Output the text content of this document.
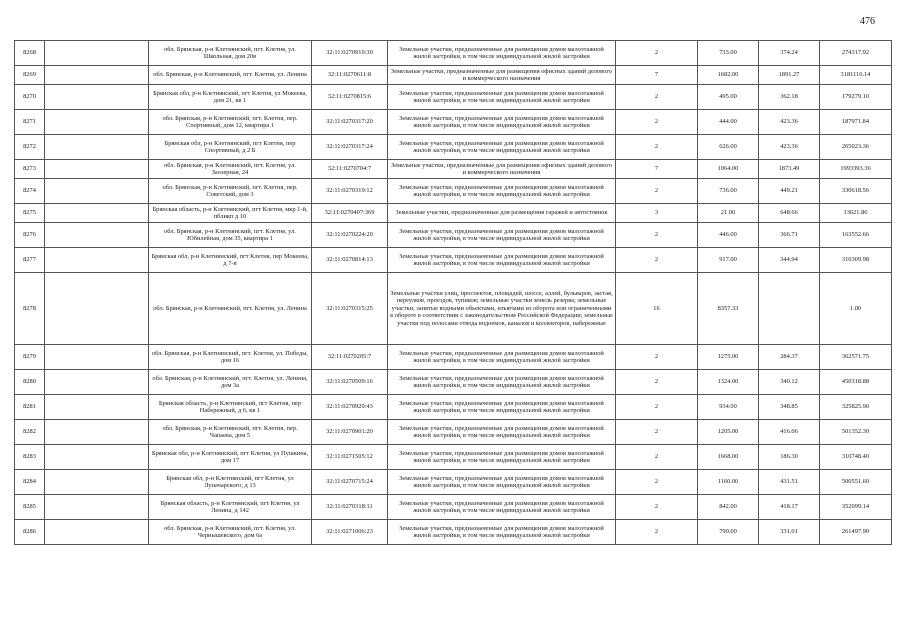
476
8268		обл. Брянская, р-н Клетнянский, пгт. Клетня, ул. Школьная, дом 20в	32:11:0270910:30	Земельные участки, предназначенные для размещения домов малоэтажной жилой застройки, в том числе индивидуальной жилой застройки	2	733.00	374.24	274317.92
8269		обл. Брянская, р-н Клетнянский, пгт. Клетня, ул. Ленина	32:11:0270611:8	Земельные участки, предназначенные для размещения офисных зданий делового и коммерческого назначения	7	1682.00	1891.27	3181116.14
8270		Брянская обл, р-н Клетнянский, пгт Клетня, ул Мокеева, дом 21, кв 1	32:11:0270815:6	Земельные участки, предназначенные для размещения домов малоэтажной жилой застройки, в том числе индивидуальной жилой застройки	2	495.00	362.18	179279.10
8271		обл. Брянская, р-н Клетнянский, пгт. Клетня, пер. Спортивный, дом 12, квартира 1	32:11:0270317:20	Земельные участки, предназначенные для размещения домов малоэтажной жилой застройки, в том числе индивидуальной жилой застройки	2	444.00	423.36	187971.84
8272		Брянская обл, р-н Клетнянский, пгт Клетня, пер Спортивный, д 2 Б	32:11:0270317:24	Земельные участки, предназначенные для размещения домов малоэтажной жилой застройки, в том числе индивидуальной жилой застройки	2	626.00	423.36	265023.36
8273		обл. Брянская, р-н Клетнянский, пгт. Клетня, ул. Заозерная, 24	32:11:0270704:7	Земельные участки, предназначенные для размещения офисных зданий делового и коммерческого назначения	7	1064.00	1873.49	1993393.36
8274		обл. Брянская, р-н Клетнянский, пгт. Клетня, пер. Советский, дом 3	32:11:0270319:12	Земельные участки, предназначенные для размещения домов малоэтажной жилой застройки, в том числе индивидуальной жилой застройки	2	736.00	449.21	330618.56
8275		Брянская область, р-н Клетнянский, пгт Клетня, мкр 1-й, пбликп д 10	32:11:0270407:369	Земельные участки, предназначенные для размещения гаражей и автостоянок	3	21.00	648.66	13621.86
8276		обл. Брянская, р-н Клетнянский, пгт. Клетня, ул. Юбилейная, дом 35, квартира 1	32:11:0270224:20	Земельные участки, предназначенные для размещения домов малоэтажной жилой застройки, в том числе индивидуальной жилой застройки	2	446.00	366.71	163552.66
8277		Брянская обл, р-н Клетнянский, пгт Клетня, пер Мокеева, д 7-в	32:11:0270814:13	Земельные участки, предназначенные для размещения домов малоэтажной жилой застройки, в том числе индивидуальной жилой застройки	2	917.00	344.94	316309.98
8278		обл. Брянская, р-н Клетнянский, пгт. Клетня, ул. Ленина	32:11:0270315:25	Земельные участки улиц, проспектов, площадей, шоссе, аллей, бульваров, застав, переулков, проездов, тупиков; земельные участки земель резерва; земельные участки, занятые водными объектами, изъятыми из оборота или ограниченными в обороте в соответствии с законодательством Российской Федерации; земельные участки под полосами отвода водоемов, каналов и коллекторов, набережные	16	8357.33		1.00
8279		обл. Брянская, р-н Клетнянский, пгт. Клетня, ул. Победы, дом 16	32:11:0270205:7	Земельные участки, предназначенные для размещения домов малоэтажной жилой застройки, в том числе индивидуальной жилой застройки	2	1275.00	284.37	362571.75
8280		обл. Брянская, р-н Клетнянский, пгт. Клетня, ул. Ленина, дом 3а	32:11:0270509:16	Земельные участки, предназначенные для размещения домов малоэтажной жилой застройки, в том числе индивидуальной жилой застройки	2	1324.00	340.12	450318.88
8281		Брянская область, р-н Клетнянский, пгт Клетня, пер Набережный, д 6, кв 1	32:11:0270929:43	Земельные участки, предназначенные для размещения домов малоэтажной жилой застройки, в том числе индивидуальной жилой застройки	2	934.00	348.85	325825.90
8282		обл. Брянская, р-н Клетнянский, пгт. Клетня, пер. Чапаева, дом 5	32:11:0270901:20	Земельные участки, предназначенные для размещения домов малоэтажной жилой застройки, в том числе индивидуальной жилой застройки	2	1205.00	416.06	501352.30
8283		Брянская обл, р-н Клетнянский, пгт Клетня, ул Пушкина, дом 17	32:11:0271505:12	Земельные участки, предназначенные для размещения домов малоэтажной жилой застройки, в том числе индивидуальной жилой застройки	2	1668.00	186.30	310748.40
8284		Брянская обл, р-н Клетнянский, пгт Клетня, ул Луначарского, д 13	32:11:0270715:24	Земельные участки, предназначенные для размещения домов малоэтажной жилой застройки, в том числе индивидуальной жилой застройки	2	1160.00	431.51	500551.60
8285		Брянская область, р-н Клетнянский, пгт Клетня, ул Ленина, д 142	32:11:0270318:11	Земельные участки, предназначенные для размещения домов малоэтажной жилой застройки, в том числе индивидуальной жилой застройки	2	842.00	418.17	352099.14
8286		обл. Брянская, р-н Клетнянский, пгт. Клетня, ул. Чернышевского, дом 6а	32:11:0271006:23	Земельные участки, предназначенные для размещения домов малоэтажной жилой застройки, в том числе индивидуальной жилой застройки	2	790.00	331.01	261497.90
